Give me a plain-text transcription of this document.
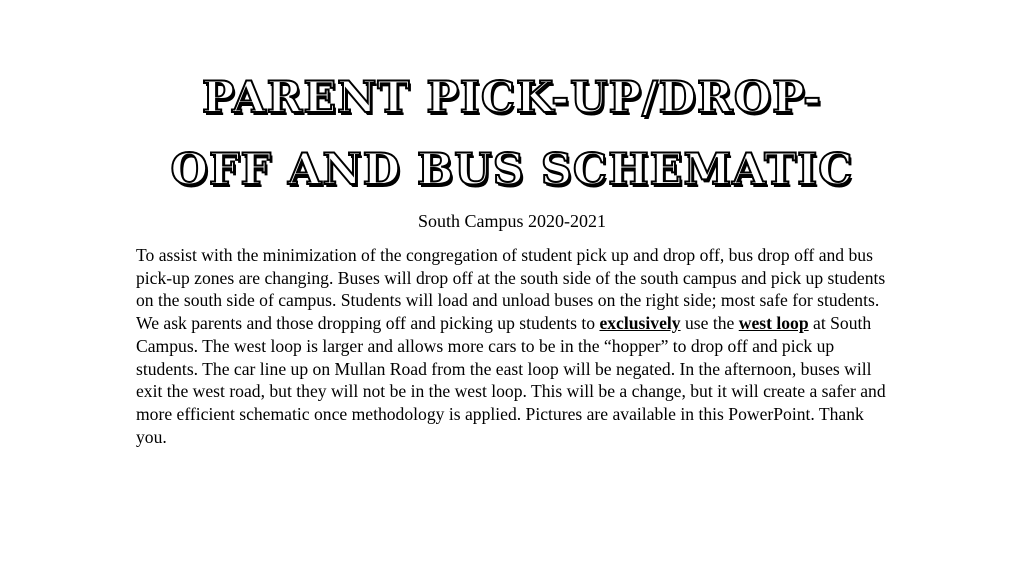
PARENT PICK-UP/DROP-
OFF AND BUS SCHEMATIC
South Campus 2020-2021
To assist with the minimization of the congregation of student pick up and drop off, bus drop off and bus pick-up zones are changing. Buses will drop off at the south side of the south campus and pick up students on the south side of campus. Students will load and unload buses on the right side; most safe for students. We ask parents and those dropping off and picking up students to exclusively use the west loop at South Campus. The west loop is larger and allows more cars to be in the “hopper” to drop off and pick up students. The car line up on Mullan Road from the east loop will be negated. In the afternoon, buses will exit the west road, but they will not be in the west loop. This will be a change, but it will create a safer and more efficient schematic once methodology is applied. Pictures are available in this PowerPoint. Thank you.
